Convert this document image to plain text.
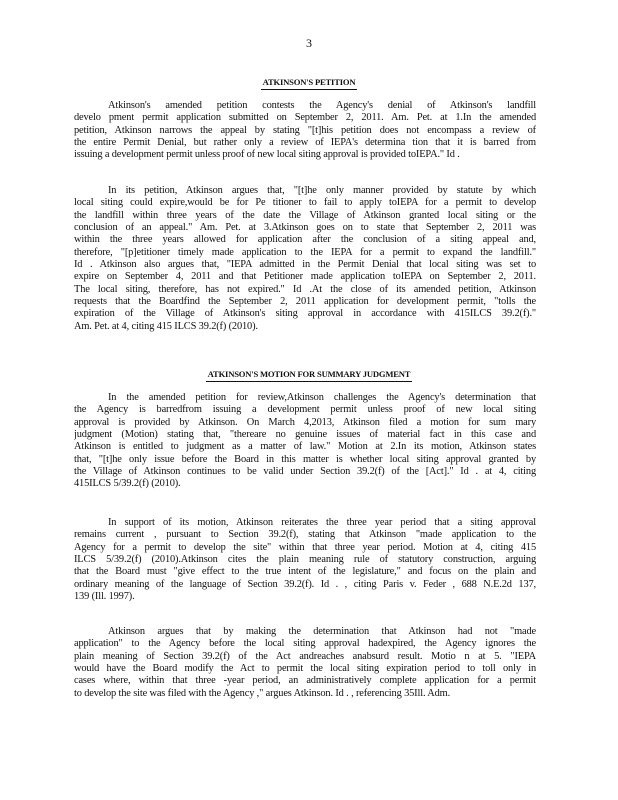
3
ATKINSON'S PETITION
Atkinson's amended petition contests the Agency's denial of Atkinson's landfill
develo pment permit application submitted on September 2, 2011. Am. Pet. at 1.In the amended
petition, Atkinson narrows the appeal by stating "[t]his petition does not encompass a review of
the entire Permit Denial, but rather only a review of IEPA's determina tion that it is barred from
issuing a development permit unless proof of new local siting approval is provided toIEPA." Id .
In its petition, Atkinson argues that, "[t]he only manner provided by statute by which
local siting could expire,would be for Pe titioner to fail to apply toIEPA for a permit to develop
the landfill within three years of the date the Village of Atkinson granted local siting or the
conclusion of an appeal." Am. Pet. at 3.Atkinson goes on to state that September 2, 2011 was
within the three years allowed for application after the conclusion of a siting appeal and,
therefore, "[p]etitioner timely made application to the IEPA for a permit to expand the landfill."
Id . Atkinson also argues that, "IEPA admitted in the Permit Denial that local siting was set to
expire on September 4, 2011 and that Petitioner made application toIEPA on September 2, 2011.
The local siting, therefore, has not expired." Id .At the close of its amended petition, Atkinson
requests that the Boardfind the September 2, 2011 application for development permit, "tolls the
expiration of the Village of Atkinson's siting approval in accordance with 415ILCS 39.2(f)."
Am. Pet. at 4, citing 415 ILCS 39.2(f) (2010).
ATKINSON'S MOTION FOR SUMMARY JUDGMENT
In the amended petition for review,Atkinson challenges the Agency's determination that
the Agency is barredfrom issuing a development permit unless proof of new local siting
approval is provided by Atkinson. On March 4,2013, Atkinson filed a motion for sum mary
judgment (Motion) stating that, "thereare no genuine issues of material fact in this case and
Atkinson is entitled to judgment as a matter of law." Motion at 2.In its motion, Atkinson states
that, "[t]he only issue before the Board in this matter is whether local siting approval granted by
the Village of Atkinson continues to be valid under Section 39.2(f) of the [Act]." Id . at 4, citing
415ILCS 5/39.2(f) (2010).
In support of its motion, Atkinson reiterates the three year period that a siting approval
remains current , pursuant to Section 39.2(f), stating that Atkinson "made application to the
Agency for a permit to develop the site" within that three year period. Motion at 4, citing 415
ILCS 5/39.2(f) (2010).Atkinson cites the plain meaning rule of statutory construction, arguing
that the Board must "give effect to the true intent of the legislature," and focus on the plain and
ordinary meaning of the language of Section 39.2(f). Id . , citing Paris v. Feder , 688 N.E.2d 137,
139 (Ill. 1997).
Atkinson argues that by making the determination that Atkinson had not "made
application" to the Agency before the local siting approval hadexpired, the Agency ignores the
plain meaning of Section 39.2(f) of the Act andreaches anabsurd result. Motio n at 5. "IEPA
would have the Board modify the Act to permit the local siting expiration period to toll only in
cases where, within that three -year period, an administratively complete application for a permit
to develop the site was filed with the Agency ," argues Atkinson. Id . , referencing 35Ill. Adm.
